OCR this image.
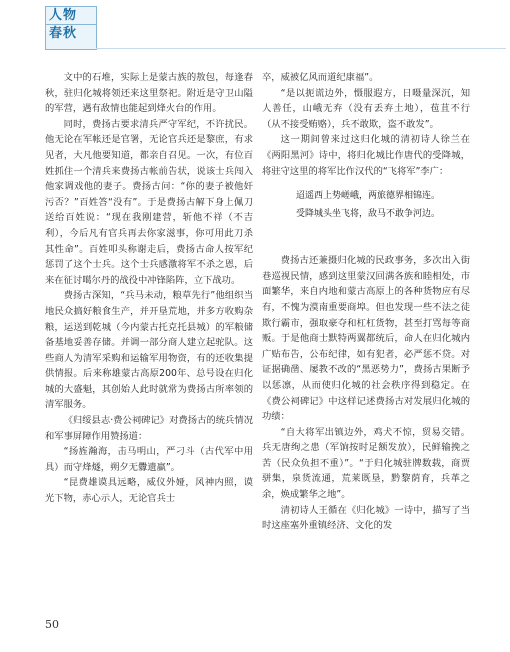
人物
春秋

文中的石堆，实际上是蒙古族的敖包，每逢春秋，驻归化城将领还来这里祭祀。附近是守卫山隘的军营，遇有敌情也能起到烽火台的作用。

同时，费扬古要求清兵严守军纪，不许扰民。他无论在军帐还是官署，无论官兵还是黎庶，有求见者，大凡他要知道，都亲自召见。一次，有位百姓抓住一个清兵来费扬古帐前告状，说该士兵闯入他家调戏他的妻子。费扬古问：“你的妻子被他奸污否？”百姓答“没有”。于是费扬古解下身上佩刀送给百姓说：“现在我刚建营，斩他不祥（不吉利），今后凡有官兵再去你家滋事，你可用此刀杀其性命”。百姓叩头称谢走后，费扬古命人按军纪惩罚了这个士兵。这个士兵感激将军不杀之恩，后来在征讨噶尔丹的战役中冲锋陷阵，立下战功。

费扬古深知，“兵马未动，粮草先行”他组织当地民众搞好粮食生产，并开垦荒地，并多方收购杂粮，运送到乾城（今内蒙古托克托县城）的军粮储备基地妥善存储。并调一部分商人建立起驼队。这些商人为清军采购和运输军用物资，有的还收集提供情报。后来称雄蒙古高原200年、总号设在归化城的大盛魁，其创始人此时就常为费扬古所率领的清军服务。

《归绥县志·费公祠碑记》对费扬古的统兵情况和军事屏障作用赞扬道：

“扬旌瀚海，击马明山，严刁斗（古代军中用具）而守烽燧，朔夕无釁遗羸”。

“昆费雄谟具远略，威仪外娅，风神内照，谟光下物，赤心示人，无论官兵士

卒，威被亿风而道纪康福”。

“是以扼谎边外，慑服遐方，日嗫量深沉，知人善任，山峨无弃（没有丢弃土地），苞苴不行（从不接受贿赂），兵不敢欺，盗不敢发”。

这一期间曾来过这归化城的清初诗人徐兰在《两阳黑河》诗中，将归化城比作唐代的受降城，将驻守这里的将军比作汉代的“飞将军”李广：

迢遥西上势嵯峨，两旅德界相锦连。
受降城头坐飞将，敌马不敢争河边。

费扬古还兼摄归化城的民政事务，多次出入街巷巡视民情，感到这里蒙汉回满各族和睦相处，市面繁华，来自内地和蒙古高原上的各种货物应有尽有，不愧为漠南重要商埠。但也发现一些不法之徒欺行霸市，强取豪夺和杠杠货物，甚至打骂每等商贩。于是他商士默特两翼都统后，命人在归化城内广贴布告，公布纪律，如有犯者，必严惩不贷。对证据确凿、屡教不改的“黑恶势力”，费扬古果断予以惩凛，从而使归化城的社会秩序得到稳定。在《费公祠碑记》中这样记述费扬古对发展归化城的功绩：

“自大将军出镇边外，鸡犬不惊，贸易交错。兵无唐绚之患（军饷按时足额发放），民鲜输挽之苦（民众负担不重）”。“于归化城驻牌数载，商贾骈集，泉货流通，荒莱既垦，黔黎荫育，兵革之余，焕成繁华之地”。

清初诗人王循在《归化城》一诗中，描写了当时这座塞外重镇经济、文化的发

50
